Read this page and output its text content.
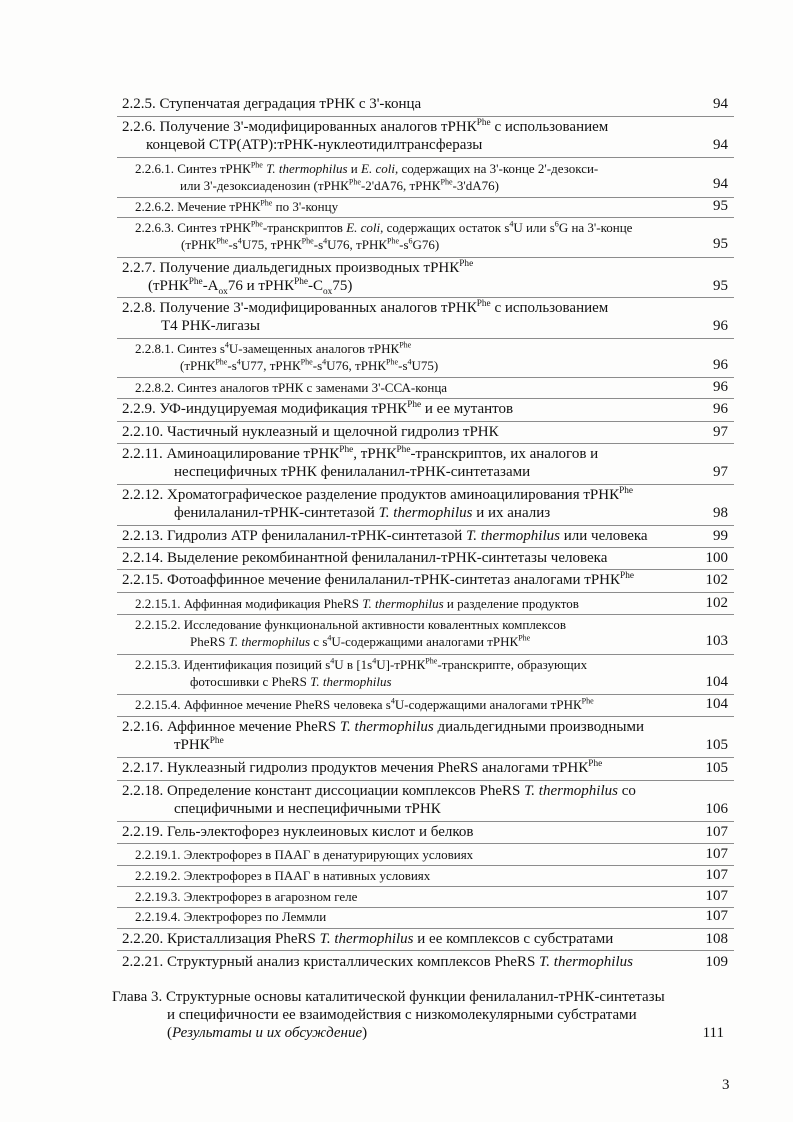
2.2.5. Ступенчатая деградация тРНК с 3'-конца	94
2.2.6. Получение 3'-модифицированных аналогов тРНК$^{Phe}$ с использованием
концевой CTP(ATP):тРНК-нуклеотидилтрансферазы	94
2.2.6.1. Синтез тРНК$^{Phe}$ T. thermophilus и E. coli, содержащих на 3'-конце 2'-дезокси-
или 3'-дезоксиаденозин (тРНК$^{Phe}$-2'dA76, тРНК$^{Phe}$-3'dA76)	94
2.2.6.2. Мечение тРНК$^{Phe}$ по 3'-концу	95
2.2.6.3. Синтез тРНК$^{Phe}$-транскриптов E. coli, содержащих остаток $s^4U$ или $s^6G$ на 3'-конце
($тРНК^{Phe}-s^4U75$, $тРНК^{Phe}-s^4U76$, $тРНК^{Phe}-s^6G76$)	95
2.2.7. Получение диальдегидных производных тРНК$^{Phe}$
($тРНК^{Phe}-A_{ox}76$ и $тРНК^{Phe}-C_{ox}75$)	95
2.2.8. Получение 3'-модифицированных аналогов тРНК$^{Phe}$ с использованием
Т4 РНК-лигазы	96
2.2.8.1. Синтез $s^4U$-замещенных аналогов тРНК$^{Phe}$
($тРНК^{Phe}-s^4U77$, $тРНК^{Phe}-s^4U76$, $тРНК^{Phe}-s^4U75$)	96
2.2.8.2. Синтез аналогов тРНК с заменами 3'-ССА-конца	96
2.2.9. УФ-индуцируемая модификация тРНК$^{Phe}$ и ее мутантов	96
2.2.10. Частичный нуклеазный и щелочной гидролиз тРНК	97
2.2.11. Аминоацилирование тРНК$^{Phe}$, тРНК$^{Phe}$-транскриптов, их аналогов и
неспецифичных тРНК фенилаланил-тРНК-синтетазами	97
2.2.12. Хроматографическое разделение продуктов аминоацилирования тРНК$^{Phe}$
фенилаланил-тРНК-синтетазой T. thermophilus и их анализ	98
2.2.13. Гидролиз АТР фенилаланил-тРНК-синтетазой T. thermophilus или человека	99
2.2.14. Выделение рекомбинантной фенилаланил-тРНК-синтетазы человека	100
2.2.15. Фотоаффинное мечение фенилаланил-тРНК-синтетаз аналогами тРНК$^{Phe}$	102
2.2.15.1. Аффинная модификация PheRS T. thermophilus и разделение продуктов	102
2.2.15.2. Исследование функциональной активности ковалентных комплексов
PheRS T. thermophilus с $s^4U$-содержащими аналогами тРНК$^{Phe}$	103
2.2.15.3. Идентификация позиций $s^4U$ в $[1s^4U]-тРНК^{Phe}$-транскрипте, образующих
фотосшивки с PheRS T. thermophilus	104
2.2.15.4. Аффинное мечение PheRS человека $s^4U$-содержащими аналогами тРНК$^{Phe}$	104
2.2.16. Аффинное мечение PheRS T. thermophilus диальдегидными производными
тРНК$^{Phe}$	105
2.2.17. Нуклеазный гидролиз продуктов мечения PheRS аналогами тРНК$^{Phe}$	105
2.2.18. Определение констант диссоциации комплексов PheRS T. thermophilus со
специфичными и неспецифичными тРНК	106
2.2.19. Гель-электофорез нуклеиновых кислот и белков	107
2.2.19.1. Электрофорез в ПААГ в денатурирующих условиях	107
2.2.19.2. Электрофорез в ПААГ в нативных условиях	107
2.2.19.3. Электрофорез в агарозном геле	107
2.2.19.4. Электрофорез по Леммли	107
2.2.20. Кристаллизация PheRS T. thermophilus и ее комплексов с субстратами	108
2.2.21. Структурный анализ кристаллических комплексов PheRS T. thermophilus	109
Глава 3. Структурные основы каталитической функции фенилаланил-тРНК-синтетазы
и специфичности ее взаимодействия с низкомолекулярными субстратами
(Результаты и их обсуждение)	111
3
